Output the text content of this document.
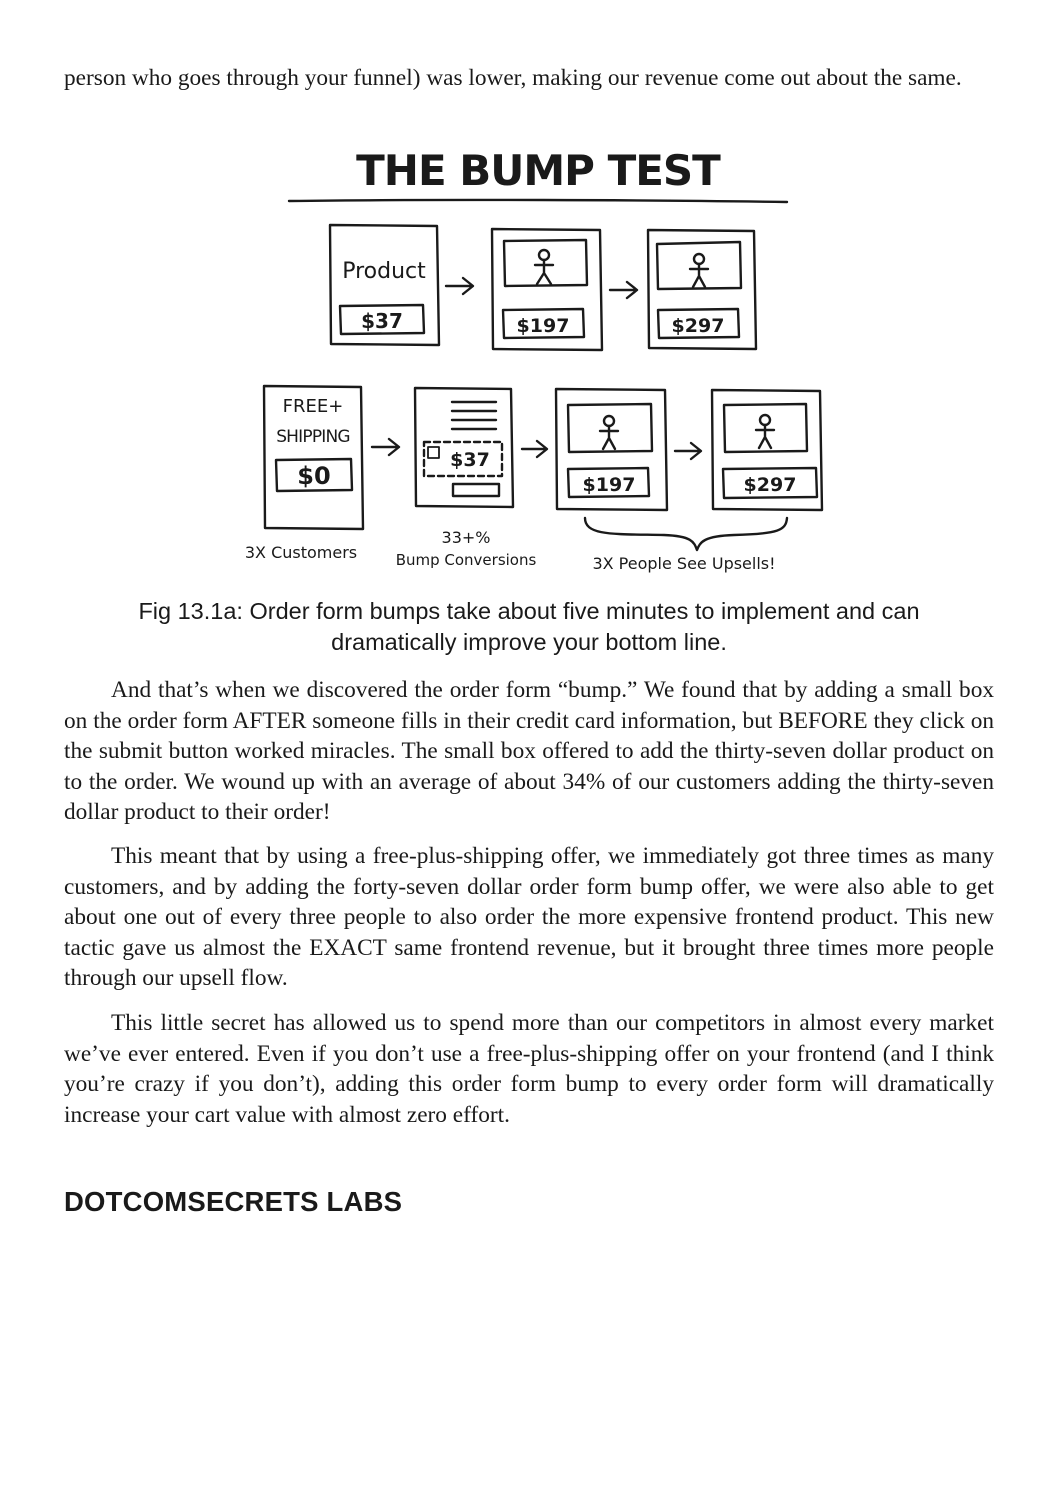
person who goes through your funnel) was lower, making our revenue come out about the same.

THE BUMP TEST
Product
$37	$197	$297
FREE+
SHIPPING
$0
$37
$197	$297
3X Customers
33+%
Bump Conversions	3X People See Upsells!

Fig 13.1a: Order form bumps take about five minutes to implement and can dramatically improve your bottom line.

And that’s when we discovered the order form “bump.” We found that by adding a small box on the order form AFTER someone fills in their credit card information, but BEFORE they click on the submit button worked miracles. The small box offered to add the thirty-seven dollar product on to the order. We wound up with an average of about 34% of our customers adding the thirty-seven dollar product to their order!

This meant that by using a free-plus-shipping offer, we immediately got three times as many customers, and by adding the forty-seven dollar order form bump offer, we were also able to get about one out of every three people to also order the more expensive frontend product. This new tactic gave us almost the EXACT same frontend revenue, but it brought three times more people through our upsell flow.

This little secret has allowed us to spend more than our competitors in almost every market we’ve ever entered. Even if you don’t use a free-plus-shipping offer on your frontend (and I think you’re crazy if you don’t), adding this order form bump to every order form will dramatically increase your cart value with almost zero effort.

DOTCOMSECRETS LABS
